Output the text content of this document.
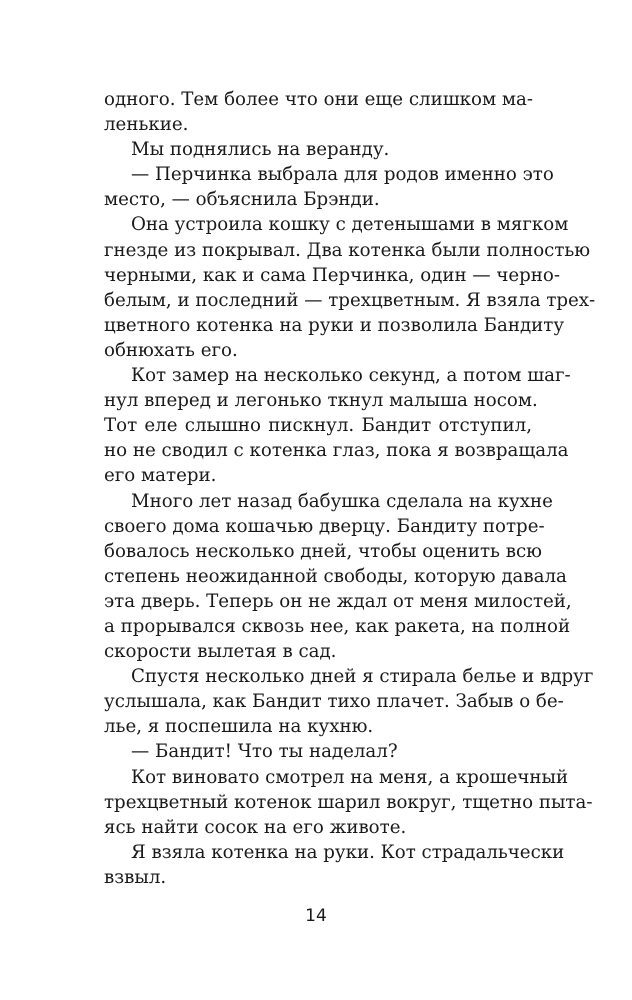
одного. Тем более что они еще слишком ма-
ленькие.
Мы поднялись на веранду.
— Перчинка выбрала для родов именно это
место, — объяснила Брэнди.
Она устроила кошку с детенышами в мягком
гнезде из покрывал. Два котенка были полностью
черными, как и сама Перчинка, один — черно-
белым, и последний — трехцветным. Я взяла трех-
цветного котенка на руки и позволила Бандиту
обнюхать его.
Кот замер на несколько секунд, а потом шаг-
нул вперед и легонько ткнул малыша носом.
Тот еле слышно пискнул. Бандит отступил,
но не сводил с котенка глаз, пока я возвращала
его матери.
Много лет назад бабушка сделала на кухне
своего дома кошачью дверцу. Бандиту потре-
бовалось несколько дней, чтобы оценить всю
степень неожиданной свободы, которую давала
эта дверь. Теперь он не ждал от меня милостей,
а прорывался сквозь нее, как ракета, на полной
скорости вылетая в сад.
Спустя несколько дней я стирала белье и вдруг
услышала, как Бандит тихо плачет. Забыв о бе-
лье, я поспешила на кухню.
— Бандит! Что ты наделал?
Кот виновато смотрел на меня, а крошечный
трехцветный котенок шарил вокруг, тщетно пыта-
ясь найти сосок на его животе.
Я взяла котенка на руки. Кот страдальчески
взвыл.
14
